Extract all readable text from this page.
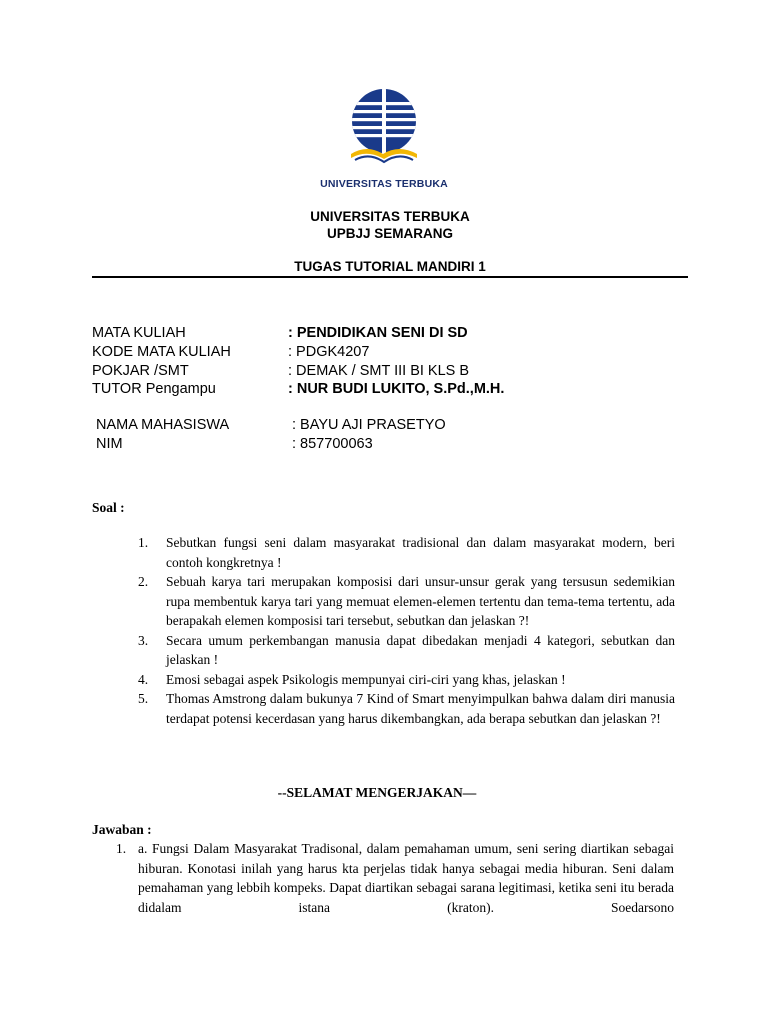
UNIVERSITAS TERBUKA
UNIVERSITAS TERBUKA
UPBJJ SEMARANG
TUGAS TUTORIAL MANDIRI 1
MATA KULIAH	: PENDIDIKAN SENI DI SD
KODE MATA KULIAH	: PDGK4207
POKJAR /SMT	: DEMAK / SMT III BI KLS B
TUTOR Pengampu	: NUR BUDI LUKITO, S.Pd.,M.H.
NAMA MAHASISWA	: BAYU AJI PRASETYO
NIM	: 857700063
Soal :
1. Sebutkan fungsi seni dalam masyarakat tradisional dan dalam masyarakat modern, beri contoh kongkretnya !
2. Sebuah karya tari merupakan komposisi dari unsur-unsur gerak yang tersusun sedemikian rupa membentuk karya tari yang memuat elemen-elemen tertentu dan tema-tema tertentu, ada berapakah elemen komposisi tari tersebut, sebutkan dan jelaskan ?!
3. Secara umum perkembangan manusia dapat dibedakan menjadi 4 kategori, sebutkan dan jelaskan !
4. Emosi sebagai aspek Psikologis mempunyai ciri-ciri yang khas, jelaskan !
5. Thomas Amstrong dalam bukunya 7 Kind of Smart menyimpulkan bahwa dalam diri manusia terdapat potensi kecerdasan yang harus dikembangkan, ada berapa sebutkan dan jelaskan ?!
--SELAMAT MENGERJAKAN—
Jawaban :
1. a. Fungsi Dalam Masyarakat Tradisonal, dalam pemahaman umum, seni sering diartikan sebagai hiburan. Konotasi inilah yang harus kta perjelas tidak hanya sebagai media hiburan. Seni dalam pemahaman yang lebbih kompeks. Dapat diartikan sebagai sarana legitimasi, ketika seni itu berada didalam istana (kraton). Soedarsono
